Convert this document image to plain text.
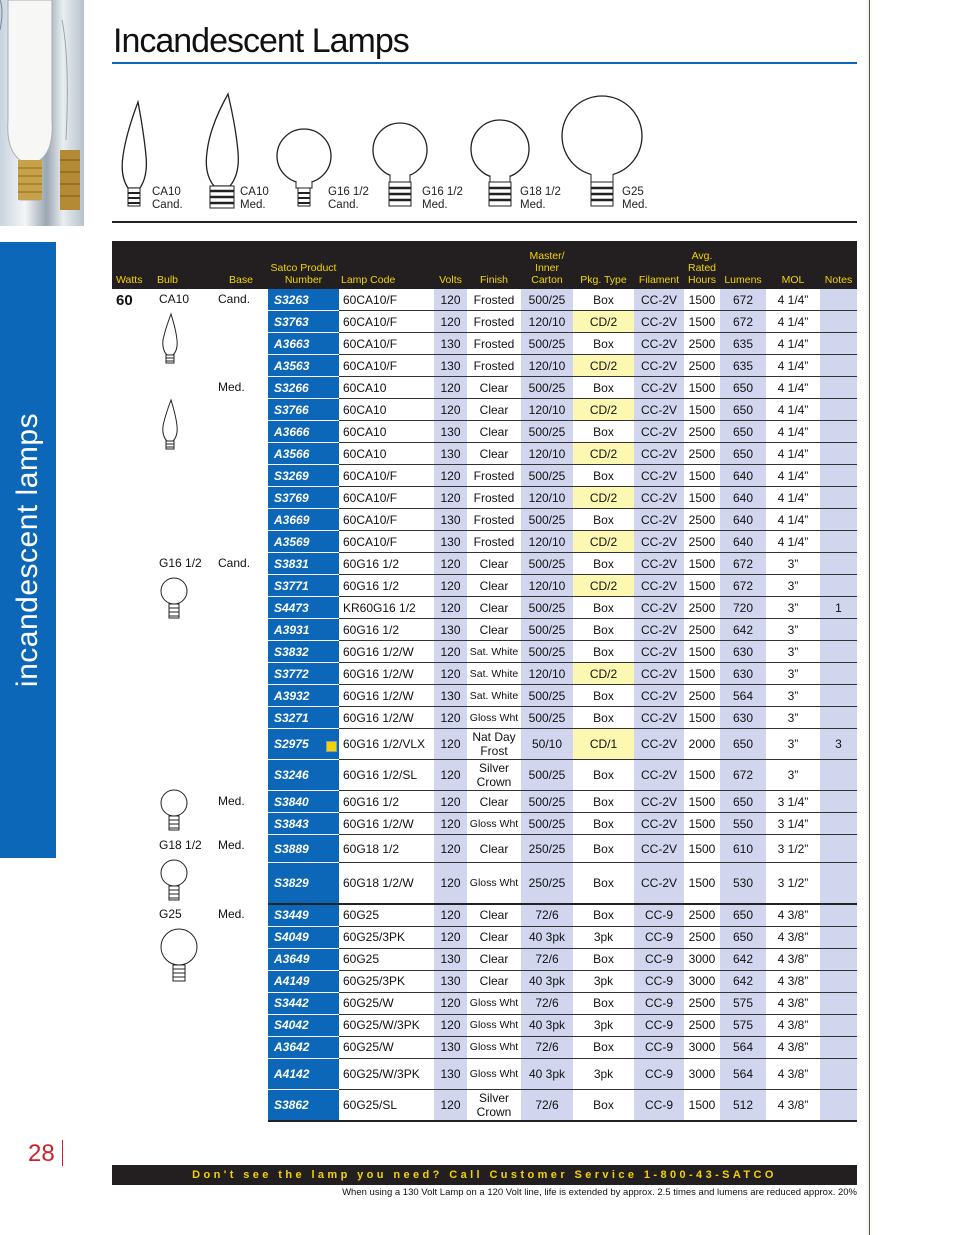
incandescent lamps
Incandescent Lamps
CA10
Cand.
CA10
Med.
G16 1/2
Cand.
G16 1/2
Med.
G18 1/2
Med.
G25
Med.
Watts	Bulb	Base	Satco Product Number	Lamp Code	Volts	Finish	Master/ Inner Carton	Pkg. Type	Filament	Avg. Rated Hours	Lumens	MOL	Notes
60	CA10	Cand.	S3263	60CA10/F	120	Frosted	500/25	Box	CC-2V	1500	672	4 1/4”	
			S3763	60CA10/F	120	Frosted	120/10	CD/2	CC-2V	1500	672	4 1/4”	
			A3663	60CA10/F	130	Frosted	500/25	Box	CC-2V	2500	635	4 1/4”	
			A3563	60CA10/F	130	Frosted	120/10	CD/2	CC-2V	2500	635	4 1/4”	
		Med.	S3266	60CA10	120	Clear	500/25	Box	CC-2V	1500	650	4 1/4”	
			S3766	60CA10	120	Clear	120/10	CD/2	CC-2V	1500	650	4 1/4”	
			A3666	60CA10	130	Clear	500/25	Box	CC-2V	2500	650	4 1/4”	
			A3566	60CA10	130	Clear	120/10	CD/2	CC-2V	2500	650	4 1/4”	
			S3269	60CA10/F	120	Frosted	500/25	Box	CC-2V	1500	640	4 1/4”	
			S3769	60CA10/F	120	Frosted	120/10	CD/2	CC-2V	1500	640	4 1/4”	
			A3669	60CA10/F	130	Frosted	500/25	Box	CC-2V	2500	640	4 1/4”	
			A3569	60CA10/F	130	Frosted	120/10	CD/2	CC-2V	2500	640	4 1/4”	
	G16 1/2	Cand.	S3831	60G16 1/2	120	Clear	500/25	Box	CC-2V	1500	672	3”	
			S3771	60G16 1/2	120	Clear	120/10	CD/2	CC-2V	1500	672	3”	
			S4473	KR60G16 1/2	120	Clear	500/25	Box	CC-2V	2500	720	3”	1
			A3931	60G16 1/2	130	Clear	500/25	Box	CC-2V	2500	642	3”	
			S3832	60G16 1/2/W	120	Sat. White	500/25	Box	CC-2V	1500	630	3”	
			S3772	60G16 1/2/W	120	Sat. White	120/10	CD/2	CC-2V	1500	630	3”	
			A3932	60G16 1/2/W	130	Sat. White	500/25	Box	CC-2V	2500	564	3”	
			S3271	60G16 1/2/W	120	Gloss Wht	500/25	Box	CC-2V	1500	630	3”	
			S2975	60G16 1/2/VLX	120	Nat Day Frost	50/10	CD/1	CC-2V	2000	650	3”	3
			S3246	60G16 1/2/SL	120	Silver Crown	500/25	Box	CC-2V	1500	672	3”	
		Med.	S3840	60G16 1/2	120	Clear	500/25	Box	CC-2V	1500	650	3 1/4”	
			S3843	60G16 1/2/W	120	Gloss Wht	500/25	Box	CC-2V	1500	550	3 1/4”	
	G18 1/2	Med.	S3889	60G18 1/2	120	Clear	250/25	Box	CC-2V	1500	610	3 1/2”	
			S3829	60G18 1/2/W	120	Gloss Wht	250/25	Box	CC-2V	1500	530	3 1/2”	
	G25	Med.	S3449	60G25	120	Clear	72/6	Box	CC-9	2500	650	4 3/8”	
			S4049	60G25/3PK	120	Clear	40 3pk	3pk	CC-9	2500	650	4 3/8”	
			A3649	60G25	130	Clear	72/6	Box	CC-9	3000	642	4 3/8”	
			A4149	60G25/3PK	130	Clear	40 3pk	3pk	CC-9	3000	642	4 3/8”	
			S3442	60G25/W	120	Gloss Wht	72/6	Box	CC-9	2500	575	4 3/8”	
			S4042	60G25/W/3PK	120	Gloss Wht	40 3pk	3pk	CC-9	2500	575	4 3/8”	
			A3642	60G25/W	130	Gloss Wht	72/6	Box	CC-9	3000	564	4 3/8”	
			A4142	60G25/W/3PK	130	Gloss Wht	40 3pk	3pk	CC-9	3000	564	4 3/8”	
			S3862	60G25/SL	120	Silver Crown	72/6	Box	CC-9	1500	512	4 3/8”	
28
Don't see the lamp you need? Call Customer Service 1-800-43-SATCO
When using a 130 Volt Lamp on a 120 Volt line, life is extended by approx. 2.5 times and lumens are reduced approx. 20%
